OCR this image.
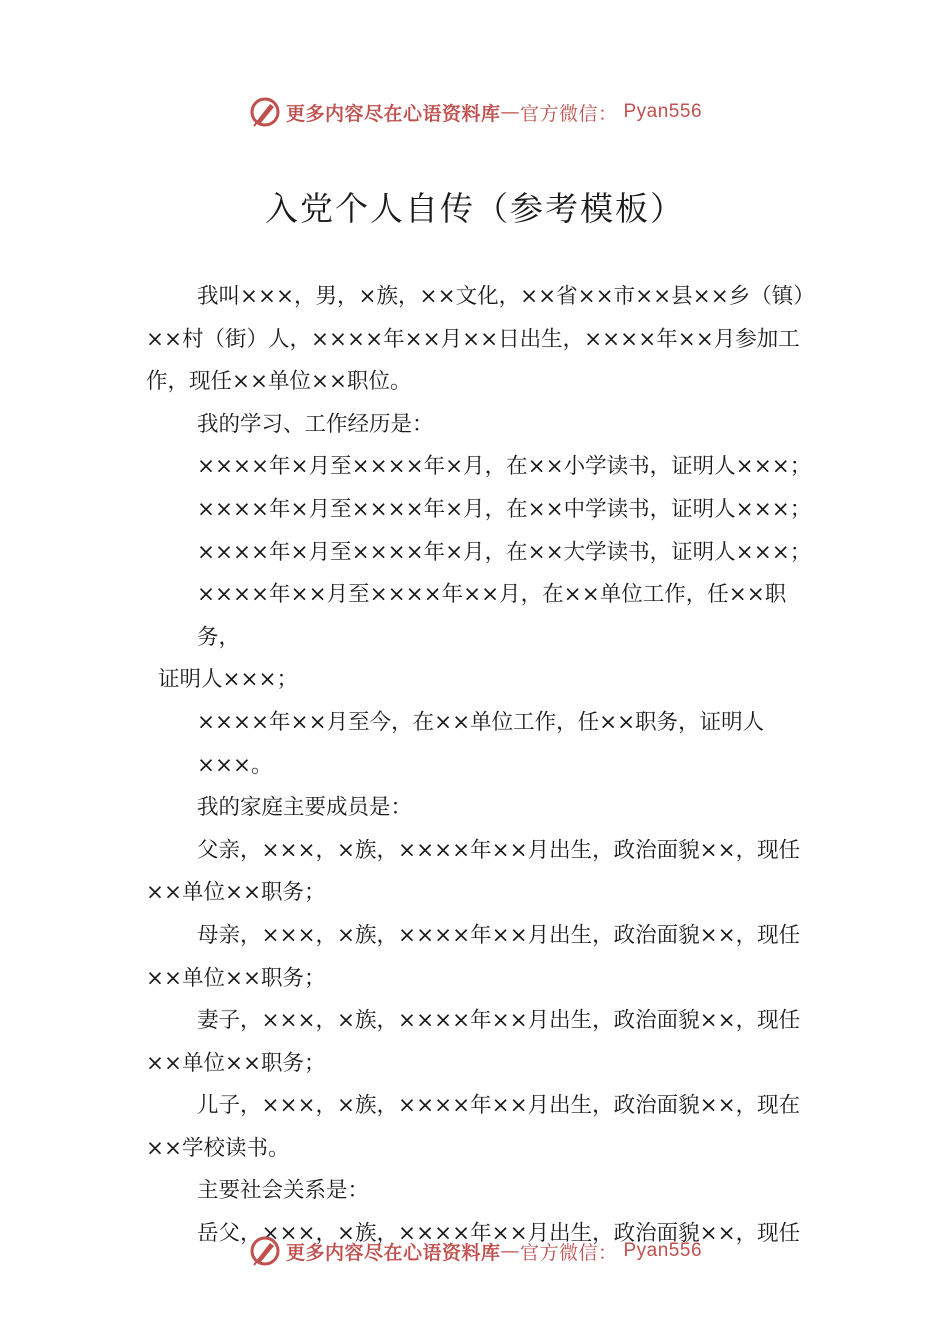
更多内容尽在心语资料库 — 官方微信： Pyan556
入党个人自传（参考模板）
我叫×××，男，×族，××文化，××省××市××县××乡（镇）
××村（街）人，××××年××月××日出生，××××年××月参加工
作，现任××单位××职位。
我的学习、工作经历是：
××××年×月至××××年×月，在××小学读书，证明人×××；
××××年×月至××××年×月，在××中学读书，证明人×××；
××××年×月至××××年×月，在××大学读书，证明人×××；
××××年××月至××××年××月，在××单位工作，任××职务，
证明人×××；
××××年××月至今，在××单位工作，任××职务，证明人×××。
我的家庭主要成员是：
父亲，×××，×族，××××年××月出生，政治面貌××，现任
××单位××职务；
母亲，×××，×族，××××年××月出生，政治面貌××，现任
××单位××职务；
妻子，×××，×族，××××年××月出生，政治面貌××，现任
××单位××职务；
儿子，×××，×族，××××年××月出生，政治面貌××，现在
××学校读书。
主要社会关系是：
岳父，×××，×族，××××年××月出生，政治面貌××，现任
更多内容尽在心语资料库 — 官方微信： Pyan556
